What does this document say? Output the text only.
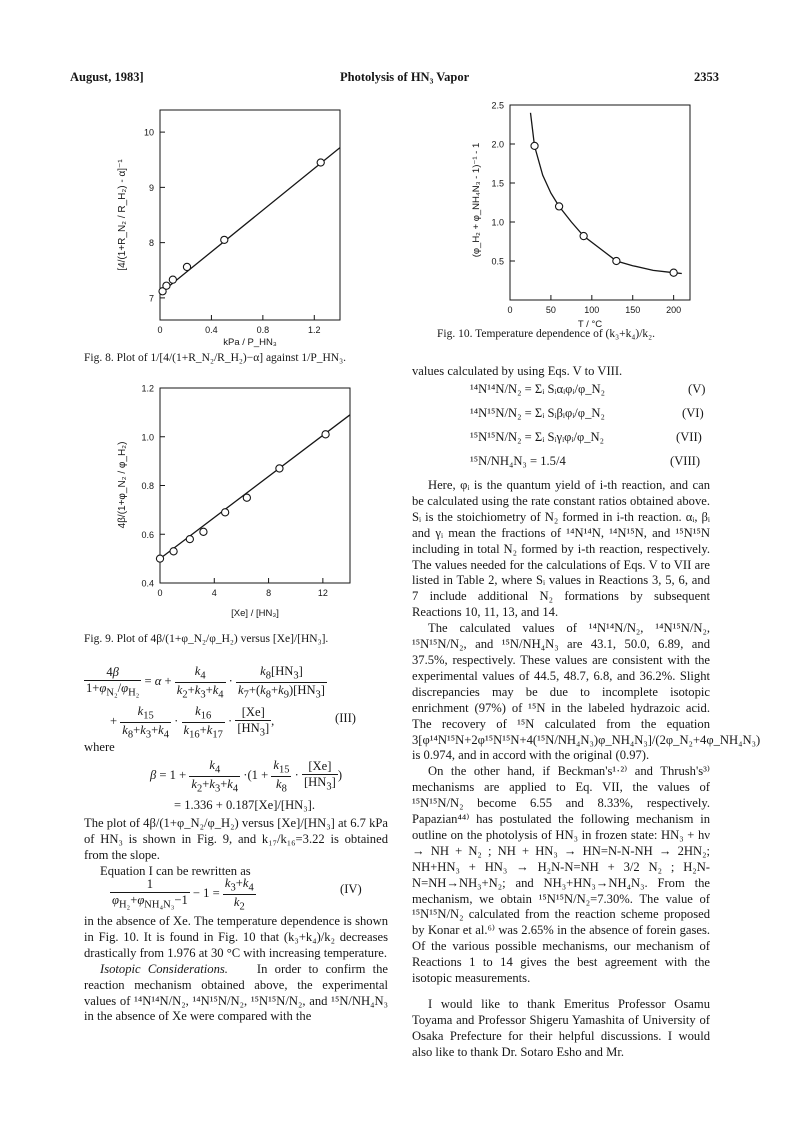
August, 1983]	Photolysis of HN₃ Vapor	2353
10
9
8
7
0	0.4	0.8	1.2
[4/(1+R_N₂ / R_H₂) - α]⁻¹
kPa / P_HN₃
Fig. 8. Plot of 1/[4/(1+R_N₂/R_H₂)−α] against 1/P_HN₃.
1.2
1.0
0.8
0.6
0.4
0	4	8	12
4β/(1+φ_N₂ / φ_H₂)
[Xe] / [HN₃]
Fig. 9. Plot of 4β/(1+φ_N₂/φ_H₂) versus [Xe]/[HN₃].
2.5
2.0
1.5
1.0
0.5
0	50	100	150	200
(φ_H₂ + φ_NH₄N₃ - 1)⁻¹ - 1
T / °C
Fig. 10. Temperature dependence of (k₃+k₄)/k₂.
$\frac{4\beta}{1+\varphi_{N_2}/\varphi_{H_2}} = \alpha + \frac{k_4}{k_2+k_3+k_4} \cdot \frac{k_8[HN_3]}{k_7+(k_8+k_9)[HN_3]}$
+ $\frac{k_{15}}{k_8+k_3+k_4} \cdot \frac{k_{16}}{k_{16}+k_{17}} \cdot \frac{[Xe]}{[HN_3]}$ ,	(III)
where
$\beta = 1 + \frac{k_4}{k_2+k_3+k_4} \cdot(1 + \frac{k_{15}}{k_8} \cdot \frac{[Xe]}{[HN_3]}$ )
= 1.336 + 0.187[Xe]/[HN₃].

The plot of 4β/(1+φ_N₂/φ_H₂) versus [Xe]/[HN₃] at 6.7 kPa of HN₃ is shown in Fig. 9, and k₁₇/k₁₆=3.22 is obtained from the slope.

Equation I can be rewritten as

$\frac{1}{\varphi_{H_2}+\varphi_{NH_4N_3}-1} - 1 = \frac{k_3+k_4}{k_2}$	(IV)

in the absence of Xe. The temperature dependence is shown in Fig. 10. It is found in Fig. 10 that (k₃+k₄)/k₂ decreases drastically from 1.976 at 30 °C with increasing temperature.

Isotopic Considerations. In order to confirm the reaction mechanism obtained above, the experimental values of ¹⁴N¹⁴N/N₂, ¹⁴N¹⁵N/N₂, ¹⁵N¹⁵N/N₂, and ¹⁵N/NH₄N₃ in the absence of Xe were compared with the

values calculated by using Eqs. V to VIII.
¹⁴N¹⁴N/N₂ = Σᵢ Sᵢαᵢφᵢ/φ_N₂	(V)
¹⁴N¹⁵N/N₂ = Σᵢ Sᵢβᵢφᵢ/φ_N₂	(VI)
¹⁵N¹⁵N/N₂ = Σᵢ Sᵢγᵢφᵢ/φ_N₂	(VII)
¹⁵N/NH₄N₃ = 1.5/4	(VIII)

Here, φᵢ is the quantum yield of i-th reaction, and can be calculated using the rate constant ratios obtained above. Sᵢ is the stoichiometry of N₂ formed in i-th reaction. αᵢ, βᵢ and γᵢ mean the fractions of ¹⁴N¹⁴N, ¹⁴N¹⁵N, and ¹⁵N¹⁵N including in total N₂ formed by i-th reaction, respectively. The values needed for the calculations of Eqs. V to VII are listed in Table 2, where Sᵢ values in Reactions 3, 5, 6, and 7 include additional N₂ formations by subsequent Reactions 10, 11, 13, and 14.

The calculated values of ¹⁴N¹⁴N/N₂, ¹⁴N¹⁵N/N₂, ¹⁵N¹⁵N/N₂, and ¹⁵N/NH₄N₃ are 43.1, 50.0, 6.89, and 37.5%, respectively. These values are consistent with the experimental values of 44.5, 48.7, 6.8, and 36.2%. Slight discrepancies may be due to incomplete isotopic enrichment (97%) of ¹⁵N in the labeled hydrazoic acid. The recovery of ¹⁵N calculated from the equation 3[φ¹⁴N¹⁵N+2φ¹⁵N¹⁵N+4(¹⁵N/NH₄N₃)φ_NH₄N₃]/(2φ_N₂+4φ_NH₄N₃) is 0.974, and in accord with the original (0.97).

On the other hand, if Beckman's¹·²⁾ and Thrush's³⁾ mechanisms are applied to Eq. VII, the values of ¹⁵N¹⁵N/N₂ become 6.55 and 8.33%, respectively. Papazian⁴⁴⁾ has postulated the following mechanism in outline on the photolysis of HN₃ in frozen state: HN₃ + hν → NH + N₂ ; NH + HN₃ → HN=N-N-NH → 2HN₂; NH+HN₃ + HN₃ → H₂N-N=NH + 3/2 N₂ ; H₂N-N=NH→NH₃+N₂; and NH₃+HN₃→NH₄N₃. From the mechanism, we obtain ¹⁵N¹⁵N/N₂=7.30%. The value of ¹⁵N¹⁵N/N₂ calculated from the reaction scheme proposed by Konar et al.⁶⁾ was 2.65% in the absence of forein gases. Of the various possible mechanisms, our mechanism of Reactions 1 to 14 gives the best agreement with the isotopic measurements.

I would like to thank Emeritus Professor Osamu Toyama and Professor Shigeru Yamashita of University of Osaka Prefecture for their helpful discussions. I would also like to thank Dr. Sotaro Esho and Mr.
